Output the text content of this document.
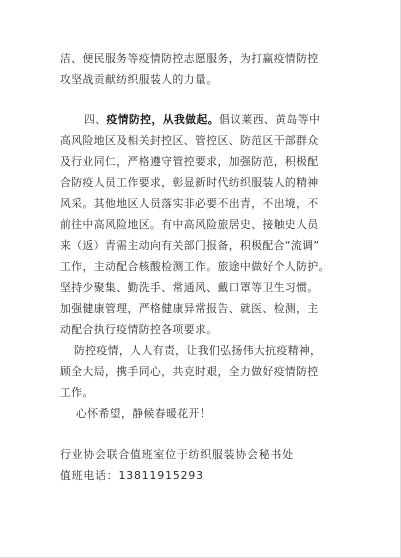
洁、便民服务等疫情防控志愿服务，为打赢疫情防控
攻坚战贡献纺织服装人的力量。
四、疫情防控，从我做起。倡议莱西、黄岛等中
高风险地区及相关封控区、管控区、防范区干部群众
及行业同仁，严格遵守管控要求，加强防范，积极配
合防疫人员工作要求，彰显新时代纺织服装人的精神
风采。其他地区人员落实非必要不出青，不出境，不
前往中高风险地区。有中高风险旅居史、接触史人员
来（返）青需主动向有关部门报备，积极配合“流调”
工作，主动配合核酸检测工作。旅途中做好个人防护。
坚持少聚集、勤洗手、常通风、戴口罩等卫生习惯。
加强健康管理，严格健康异常报告、就医、检测，主
动配合执行疫情防控各项要求。
防控疫情，人人有责，让我们弘扬伟大抗疫精神，
顾全大局，携手同心，共克时艰，全力做好疫情防控
工作。
心怀希望，静候春暖花开！
行业协会联合值班室位于纺织服装协会秘书处
值班电话：13811915293
